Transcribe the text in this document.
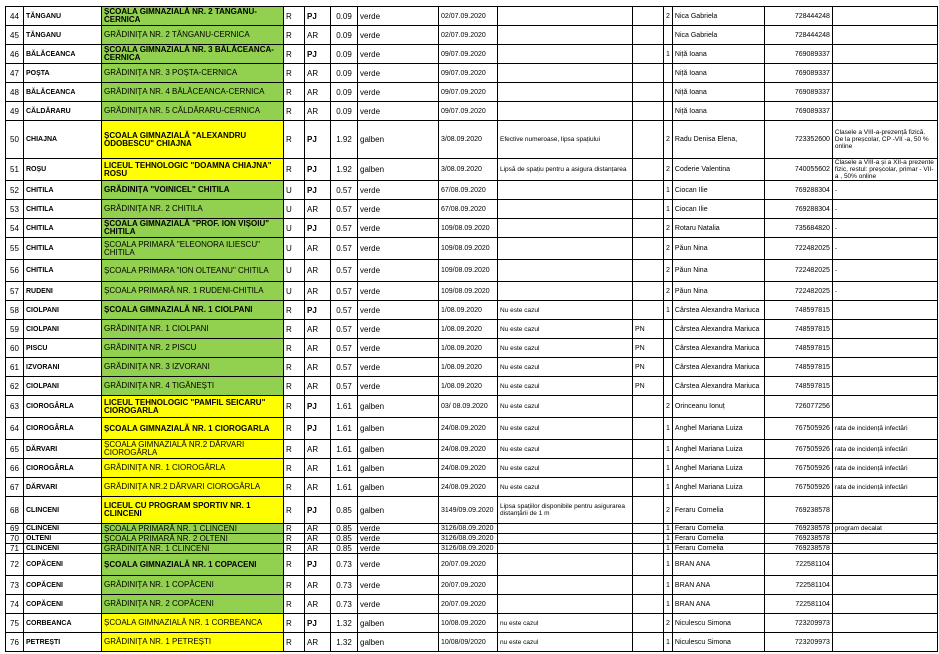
44	TĂNGANU	ȘCOALA GIMNAZIALĂ NR. 2 TANGANU-CERNICA	R	PJ	0.09	verde	02/07.09.2020			2	Nica Gabriela	728444248	
45	TĂNGANU	GRĂDINIȚA NR. 2 TĂNGANU-CERNICA	R	AR	0.09	verde	02/07.09.2020				Nica Gabriela	728444248	
46	BĂLĂCEANCA	ȘCOALA GIMNAZIALĂ NR. 3 BĂLĂCEANCA-CERNICA	R	PJ	0.09	verde	09/07.09.2020			1	Niță Ioana	769089337	
47	POȘTA	GRĂDINIȚA NR. 3 POȘTA-CERNICA	R	AR	0.09	verde	09/07.09.2020				Niță Ioana	769089337	
48	BĂLĂCEANCA	GRĂDINIȚA NR. 4 BĂLĂCEANCA-CERNICA	R	AR	0.09	verde	09/07.09.2020				Niță Ioana	769089337	
49	CĂLDĂRARU	GRĂDINIȚA NR. 5 CĂLDĂRARU-CERNICA	R	AR	0.09	verde	09/07.09.2020				Niță Ioana	769089337	
50	CHIAJNA	ȘCOALA GIMNAZIALĂ "ALEXANDRU ODOBESCU" CHIAJNA	R	PJ	1.92	galben	3/08.09.2020	Efective numeroase, lipsa spațiului		2	Radu Denisa Elena,	723352600	Clasele a VIII-a-prezență fizică. De la preșcolar, CP -VII -a, 50 % online
51	ROȘU	LICEUL TEHNOLOGIC "DOAMNA CHIAJNA" ROSU	R	PJ	1.92	galben	3/08.09.2020	Lipsă de spațiu pentru a asigura distanțarea		2	Coderie Valentina	740055602	Clasele a VIII-a și a XII-a prezente fizic, restul: preșcolar, primar - VII-a , 50% online
52	CHITILA	GRĂDINIȚA "VOINICEL" CHITILA	U	PJ	0.57	verde	67/08.09.2020			1	Ciocan Ilie	769288304	-
53	CHITILA	GRĂDINIȚA NR. 2 CHITILA	U	AR	0.57	verde	67/08.09.2020			1	Ciocan Ilie	769288304	-
54	CHITILA	ȘCOALA GIMNAZIALĂ "PROF. ION VIȘOIU" CHITILA	U	PJ	0.57	verde	109/08.09.2020			2	Rotaru Natalia	735684820	-
55	CHITILA	ȘCOALA PRIMARĂ "ELEONORA ILIESCU" CHITILA	U	AR	0.57	verde	109/08.09.2020			2	Păun Nina	722482025	-
56	CHITILA	ȘCOALA PRIMARA "ION OLTEANU" CHITILA	U	AR	0.57	verde	109/08.09.2020			2	Păun Nina	722482025	-
57	RUDENI	ȘCOALA PRIMARĂ NR. 1 RUDENI-CHITILA	U	AR	0.57	verde	109/08.09.2020			2	Păun Nina	722482025	-
58	CIOLPANI	ȘCOALA GIMNAZIALĂ NR. 1 CIOLPANI	R	PJ	0.57	verde	1/08.09.2020	Nu este cazul		1	Cârstea Alexandra Mariuca	748597815	
59	CIOLPANI	GRĂDINIȚA NR. 1 CIOLPANI	R	AR	0.57	verde	1/08.09.2020	Nu este cazul	PN		Cârstea Alexandra Mariuca	748597815	
60	PISCU	GRĂDINIȚA NR. 2 PISCU	R	AR	0.57	verde	1/08.09.2020	Nu este cazul	PN		Cârstea Alexandra Mariuca	748597815	
61	IZVORANI	GRĂDINIȚA NR. 3 IZVORANI	R	AR	0.57	verde	1/08.09.2020	Nu este cazul	PN		Cârstea Alexandra Mariuca	748597815	
62	CIOLPANI	GRĂDINIȚA NR. 4 TIGĂNEȘTI	R	AR	0.57	verde	1/08.09.2020	Nu este cazul	PN		Cârstea Alexandra Mariuca	748597815	
63	CIOROGÂRLA	LICEUL TEHNOLOGIC "PAMFIL SEICARU" CIOROGARLA	R	PJ	1.61	galben	03/ 08.09.2020	Nu este cazul		2	Orinceanu Ionuț	726077256	
64	CIOROGÂRLA	ȘCOALA GIMNAZIALĂ NR. 1 CIOROGARLA	R	PJ	1.61	galben	24/08.09.2020	Nu este cazul		1	Anghel Mariana Luiza	767505926	rata de incidență infectări
65	DĂRVARI	ȘCOALA GIMNAZIALĂ NR.2 DĂRVARI CIOROGÂRLA	R	AR	1.61	galben	24/08.09.2020	Nu este cazul		1	Anghel Mariana Luiza	767505926	rata de incidență infectări
66	CIOROGÂRLA	GRĂDINIȚA NR. 1 CIOROGÂRLA	R	AR	1.61	galben	24/08.09.2020	Nu este cazul		1	Anghel Mariana Luiza	767505926	rata de incidență infectări
67	DĂRVARI	GRĂDINIȚA NR.2 DĂRVARI CIOROGÂRLA	R	AR	1.61	galben	24/08.09.2020	Nu este cazul		1	Anghel Mariana Luiza	767505926	rata de incidență infectări
68	CLINCENI	LICEUL CU PROGRAM SPORTIV NR. 1 CLINCENI	R	PJ	0.85	galben	3149/09.09.2020	Lipsa spațiilor disponibile pentru asigurarea distanțării de 1 m		2	Feraru Cornelia	769238578	
69	CLINCENI	ȘCOALA PRIMARĂ NR. 1 CLINCENI	R	AR	0.85	verde	3126/08.09.2020			1	Feraru Cornelia	769238578	program decalat
70	OLTENI	ȘCOALA PRIMARĂ NR. 2 OLTENI	R	AR	0.85	verde	3126/08.09.2020			1	Feraru Cornelia	769238578	
71	CLINCENI	GRĂDINIȚA NR. 1 CLINCENI	R	AR	0.85	verde	3126/08.09.2020			1	Feraru Cornelia	769238578	
72	COPĂCENI	ȘCOALA GIMNAZIALĂ NR. 1 COPACENI	R	PJ	0.73	verde	20/07.09.2020			1	BRAN ANA	722581104	
73	COPĂCENI	GRĂDINIȚA NR. 1 COPĂCENI	R	AR	0.73	verde	20/07.09.2020			1	BRAN ANA	722581104	
74	COPĂCENI	GRĂDINIȚA NR. 2 COPĂCENI	R	AR	0.73	verde	20/07.09.2020			1	BRAN ANA	722581104	
75	CORBEANCA	ȘCOALA GIMNAZIALĂ NR. 1 CORBEANCA	R	PJ	1.32	galben	10/08.09.2020	nu este cazul		2	Niculescu Simona	723209973	
76	PETREȘTI	GRĂDINIȚA NR. 1 PETREȘTI	R	AR	1.32	galben	10/08/09/2020	nu este cazul		1	Niculescu Simona	723209973	
